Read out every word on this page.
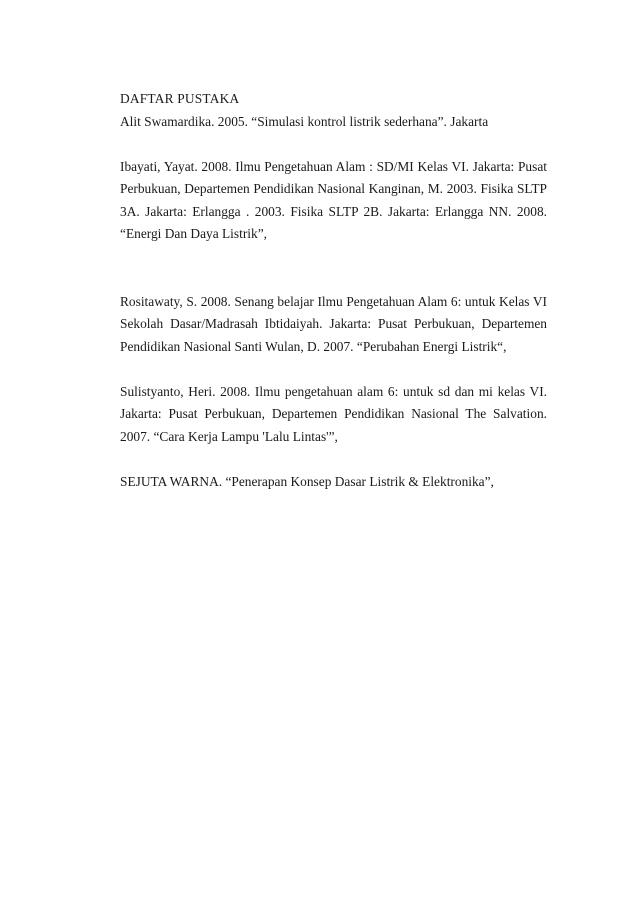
DAFTAR PUSTAKA

Alit Swamardika. 2005. “Simulasi kontrol listrik sederhana”. Jakarta

Ibayati, Yayat. 2008. Ilmu Pengetahuan Alam : SD/MI Kelas VI. Jakarta: Pusat Perbukuan, Departemen Pendidikan Nasional Kanginan, M. 2003. Fisika SLTP 3A. Jakarta: Erlangga . 2003. Fisika SLTP 2B. Jakarta: Erlangga NN. 2008. “Energi Dan Daya Listrik”,

Rositawaty, S. 2008. Senang belajar Ilmu Pengetahuan Alam 6: untuk Kelas VI Sekolah Dasar/Madrasah Ibtidaiyah. Jakarta: Pusat Perbukuan, Departemen Pendidikan Nasional Santi Wulan, D. 2007. “Perubahan Energi Listrik“,

Sulistyanto, Heri. 2008. Ilmu pengetahuan alam 6: untuk sd dan mi kelas VI. Jakarta: Pusat Perbukuan, Departemen Pendidikan Nasional The Salvation. 2007. “Cara Kerja Lampu 'Lalu Lintas'”,

SEJUTA WARNA. “Penerapan Konsep Dasar Listrik & Elektronika”,
